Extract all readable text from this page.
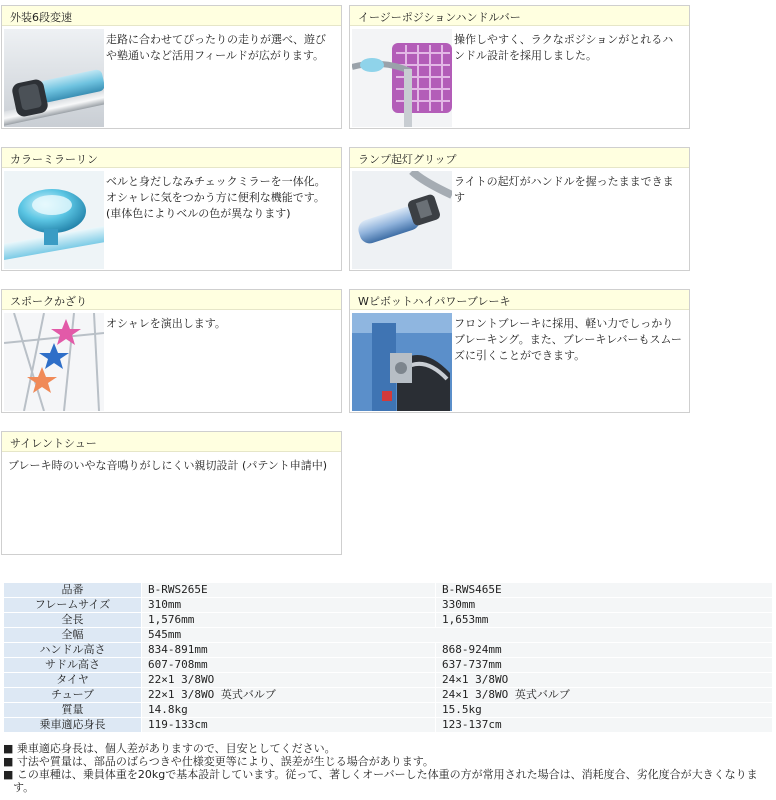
外装6段変速
走路に合わせてぴったりの走りが選べ、遊びや塾通いなど活用フィールドが広がります。
イージーポジションハンドルバー
操作しやすく、ラクなポジションがとれるハンドル設計を採用しました。
カラーミラーリン
ベルと身だしなみチェックミラーを一体化。オシャレに気をつかう方に便利な機能です。(車体色によりベルの色が異なります)
ランプ起灯グリップ
ライトの起灯がハンドルを握ったままできます
スポークかざり
オシャレを演出します。
Wピボットハイパワーブレーキ
フロントブレーキに採用、軽い力でしっかりブレーキング。また、ブレーキレバーもスムーズに引くことができます。
サイレントシュー
ブレーキ時のいやな音鳴りがしにくい親切設計 (パテント申請中)
品番	B-RWS265E	B-RWS465E
フレームサイズ	310mm	330mm
全長	1,576mm	1,653mm
全幅	545mm	
ハンドル高さ	834-891mm	868-924mm
サドル高さ	607-708mm	637-737mm
タイヤ	22×1 3/8WO	24×1 3/8WO
チューブ	22×1 3/8WO 英式バルブ	24×1 3/8WO 英式バルブ
質量	14.8kg	15.5kg
乗車適応身長	119-133cm	123-137cm

■ 乗車適応身長は、個人差がありますので、目安としてください。

■ 寸法や質量は、部品のばらつきや仕様変更等により、誤差が生じる場合があります。

■ この車種は、乗員体重を20kgで基本設計しています。従って、著しくオーバーした体重の方が常用された場合は、消耗度合、劣化度合が大きくなります。
